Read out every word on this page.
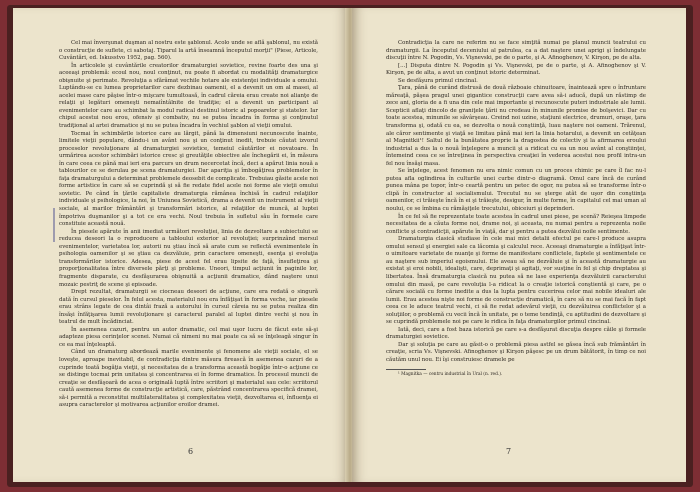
Cel mai înverşunat duşman al nostru este şablonul. Acolo unde se află şablonul, nu există o construcţie de suflete, ci sabotaj. Tiparul la artă înseamnă începutul morţii" (Piese, Articole, Cuvântări, ed. Iskusstvo 1952, pag. 560).

În articolele şi cuvântările creatorilor dramaturgiei sovietice, revine foarte des una şi aceeaşi problemă: ecoul nou, noul conţinut, nu poate fi abordat cu modalităţi dramaturgice obişnuite şi perimate. Revoluţia a sfărâmat vechile hotare ale existenţei individuale a omului. Luptându-se cu lumea proprietarilor care dezbinau oamenii, el a devenit un om al masei, al acelei mase care păşise într-o mişcare tumultoasă, în cadrul căreia erau create noi alianţe de relaţii şi legături omeneşti nemaiîntâlnite de tradiţie; el a devenit un participant al evenimentelor care au schimbat la modul radical destinul istoric al popoarelor şi statelor. Iar chipul acestui nou erou, ofensiv şi combativ, nu se putea încadra în forma şi conţinutul tradiţional al artei dramatice şi nu se putea încadra în vechiul şablon al vieţii omului.

Tocmai în schimbările istorice care au lărgit, până la dimensiuni necunoscute înainte, limitele vieţii populare, dându-i un avânt nou şi un conţinut inedit, trebuie căutat izvorul proceselor revoluţionare al dramaturgiei sovietice, temeiul căutărilor ei novatoare. În urmărirea acestor schimbări istorice cresc şi greutăţile obiective ale închegării ei, în măsura în care ceea ce până mai ieri era parcurs un drum necercetat încă, deci a apărut linia nouă a tablourilor ce se derulau pe scena dramaturgiei. Dar apariţia şi îmbogăţirea problemelor în faţa dramaturgului a determinat problemele deosebit de complicate. Trebuiau găsite acele noi forme artistice în care să se cuprindă şi să fie redate fidel acele noi forme ale vieţii omului sovietic. Pe când în ţările capitaliste dramaturgia rămânea închisă în cadrul relaţiilor individuale şi psihologice, la noi, în Uniunea Sovietică, drama a devenit un instrument al vieţii sociale, al marilor frământări şi transformări istorice, al relaţiilor de muncă, al luptei împotriva duşmanilor şi a tot ce era vechi. Noul trebuia în sufletul său în formele care constituie această nouă.

În piesele apărute în anii imediat următori revoluţiei, linia de dezvoltare a subiectului se reducea deseori la o reproducere a tabloului exterior al revoluţiei; surprinzând mersul evenimentelor, varietatea lor, autorii nu ştiau încă să arate cum se reflectă evenimentele în psihologia oamenilor şi se ştiau ca dezvăluie, prin caractere omeneşti, esenţa şi evoluţia transformărilor istorice. Adesea, piese de acest fel erau lipsite de faţă, însufleţirea şi proporţionalitatea între diversele părţi şi probleme. Uneori, timpul acţiunii în paginile lor, fragmente disparate, cu desfăşurarea obişnuită a acţiunii dramatice, dând naştere unui mozaic pestriţ de scene şi episoade.

Drept rezultat, dramaturgii se ciocneau deseori de acţiune, care era redată o singură dată în cursul pieselor. În felul acesta, materialul nou era înfăţişat în forma veche, iar piesele erau strâns legate de cea dintâi frază a autorului în cursul căreia nu se putea realiza din însăşi înfăţişarea lumii revoluţionare şi caracterul paralel al luptei dintre vechi şi nou în teatrul de mult încădinciat.

În asemenea cazuri, pentru un autor dramatic, cel mai uşor lucru de făcut este să-şi adapteze piesa cerinţelor scenei. Numai că nimeni nu mai poate ca să se înţeleagă singur în ce ea mai înţeleaptă.

Când un dramaturg abordează marile evenimente şi fenomene ale vieţii sociale, el se loveşte, aproape inevitabil, de contradicţia dintre măsura firească în asemenea cazuri de a cuprinde toată bogăţia vieţii, şi necesitatea de a transforma această bogăţie într-o acţiune ce se distinge tocmai prin unitatea şi concentrarea ei în forme dramatice. În procesul muncii de creaţie se desfăşoară de acea o originală luptă între scriitori şi materialul sau cele: scriitorul caută asemenea forme de construcţie artistică, care, păstrând concentrarea specifică dramei, să-i permită a reconstitui multilateralitatea şi complexitatea vieţii, dezvoltarea ei, înfluenţa ei asupra caracterelor şi motivarea acţiunilor eroilor dramei.

6

Contradicţia la care ne referim nu se face simţită numai pe planul muncii teatrului cu dramaturgii. La începutul deceniului al patrulea, ca a dat naştere unei aprigi şi îndelungate discuţii între N. Pogodin, Vs. Vişnevski, pe de o parte, şi A. Afinoghenov, V. Kirşon, pe de alta.

[...] Disputa dintre N. Pogodin şi Vs. Vişnevski, pe de o parte, şi A. Afinoghenov şi V. Kirşon, pe de alta, a avut un conţinut istoric determinat.

Se desfăşura primul cincinal.

Ţara, până de curând distrusă de două războaie chinuitoare, înaintează spre o înfruntare măreaţă, păşea pragul unei gigantice construcţii care avea să-i aducă, după un răstimp de zece ani, gloria de a fi una din cele mai importante şi recunoscute puteri industriale ale lumii. Scepticii aflaţi dincolo de graniţele ţării nu credeau în minunile promise de bolşevici. Dar cu toate acestea, minunile se săvârşeau. Creind noi uzine, staţiuni electrice, drumuri, oraşe, ţara transforma şi, odată cu ea, se dezvolta o nouă conştiinţă, luau naştere noi oameni. Trărenul, ale căror sentimente şi viaţă se limitau până mai ieri la linia hotarului, a devenit un cetăţean al Magnitkii¹! Saltul de la bunătatea proprie la dragostea de colectiv şi la afirmarea eroului industrial a dus la o nouă înţelegere a muncii şi a ridicat cu ea un nou avânt al conştiinţei, întemeind ceea ce se întreţinea în perspectiva creaţiei în vederea acestui nou profil intra-un fel nou însăşi masa.

Se înţelege, acest fenomen nu era nimic comun cu un proces chimic pe care îl fac nu-l putea afla oglindirea în culturile unei curbe dintr-o diagramă. Omul care încă de curând punea mâna pe topor, într-o ceartă pentru un petec de ogor, nu putea să se transforme într-o clipă în constructor al socialismului. Trecutul nu se şterge atât de uşor din conştiinţa oamenilor, ci trăieşte încă în ei şi trăieşte, desigur, în multe forme, în capitalul cel mai uman al noului, ce se îmbina cu rămăşiţele trecutului, obiceiuri şi deprinderi.

În ce fel să fie reprezentate toate acestea în cadrul unei piese, pe scenă? Reieşea limpede necesitatea de a căuta forme noi, drame noi, şi aceasta, nu numai pentru a reprezenta noile conflicte şi contradicţii, apărute în viaţă, dar şi pentru a putea dezvălui noile sentimente.

Dramaturgia clasică studiase în cele mai mici detalii efectul pe care-l produce asupra omului sensul şi energiei sale ca lăcomia şi calculul rece. Aceeaşi dramaturgie a înfăţişat într-o uimitoare varietate de nuanţe şi forme de manifestare conflictele, faptele şi sentimentele ce au naştere sub imperiul egoismului. Ele aveau să ne dezvăluie şi în această dramaturgie au existat şi eroi nobili, idealişti, care, deprimaţi şi agitaţi, vor susţine în fel şi chip dreptatea şi libertatea. Însă dramaturgia clasică nu putea să ne lase experienţa dezvăluirii caracterului omului din masă, pe care revoluţia l-a ridicat la o creaţie istorică conştientă şi care, pe o cărare socială cu forme inedite a dus la lupta pentru cucerirea celor mai nobile idealuri ale lumii. Erau acestea nişte noi forme de construcţie dramatică, în care să nu se mai facă în fapt ceea ce le aduce teatrul vechi, ci să fie redat adevărul vieţii, cu dezvăluirea conflictelor şi a soluţiilor, o problemă cu vecii încă în unitate, pe o teme tendinţă, cu aptitudini de dezvoltare şi se cuprindă problemele noi pe care le ridica în faţa dramaturgilor primul cincinal.

Iată, deci, care a fost baza istorică pe care s-a desfăşurat discuţia despre căile şi formele dramaturgiei sovietice.

Dar şi soluţia pe care au găsit-o o problemă piesa astfel se găsea încă sub frământări în creaţie, scria Vs. Vişnevski. Afinoghenov şi Kirşon păşesc pe un drum bătătorit, în timp ce noi căutăm unul nou. Ei îşi construiesc dramele pe

¹ Magnitka — centru industrial în Ural (n. red.).

7
